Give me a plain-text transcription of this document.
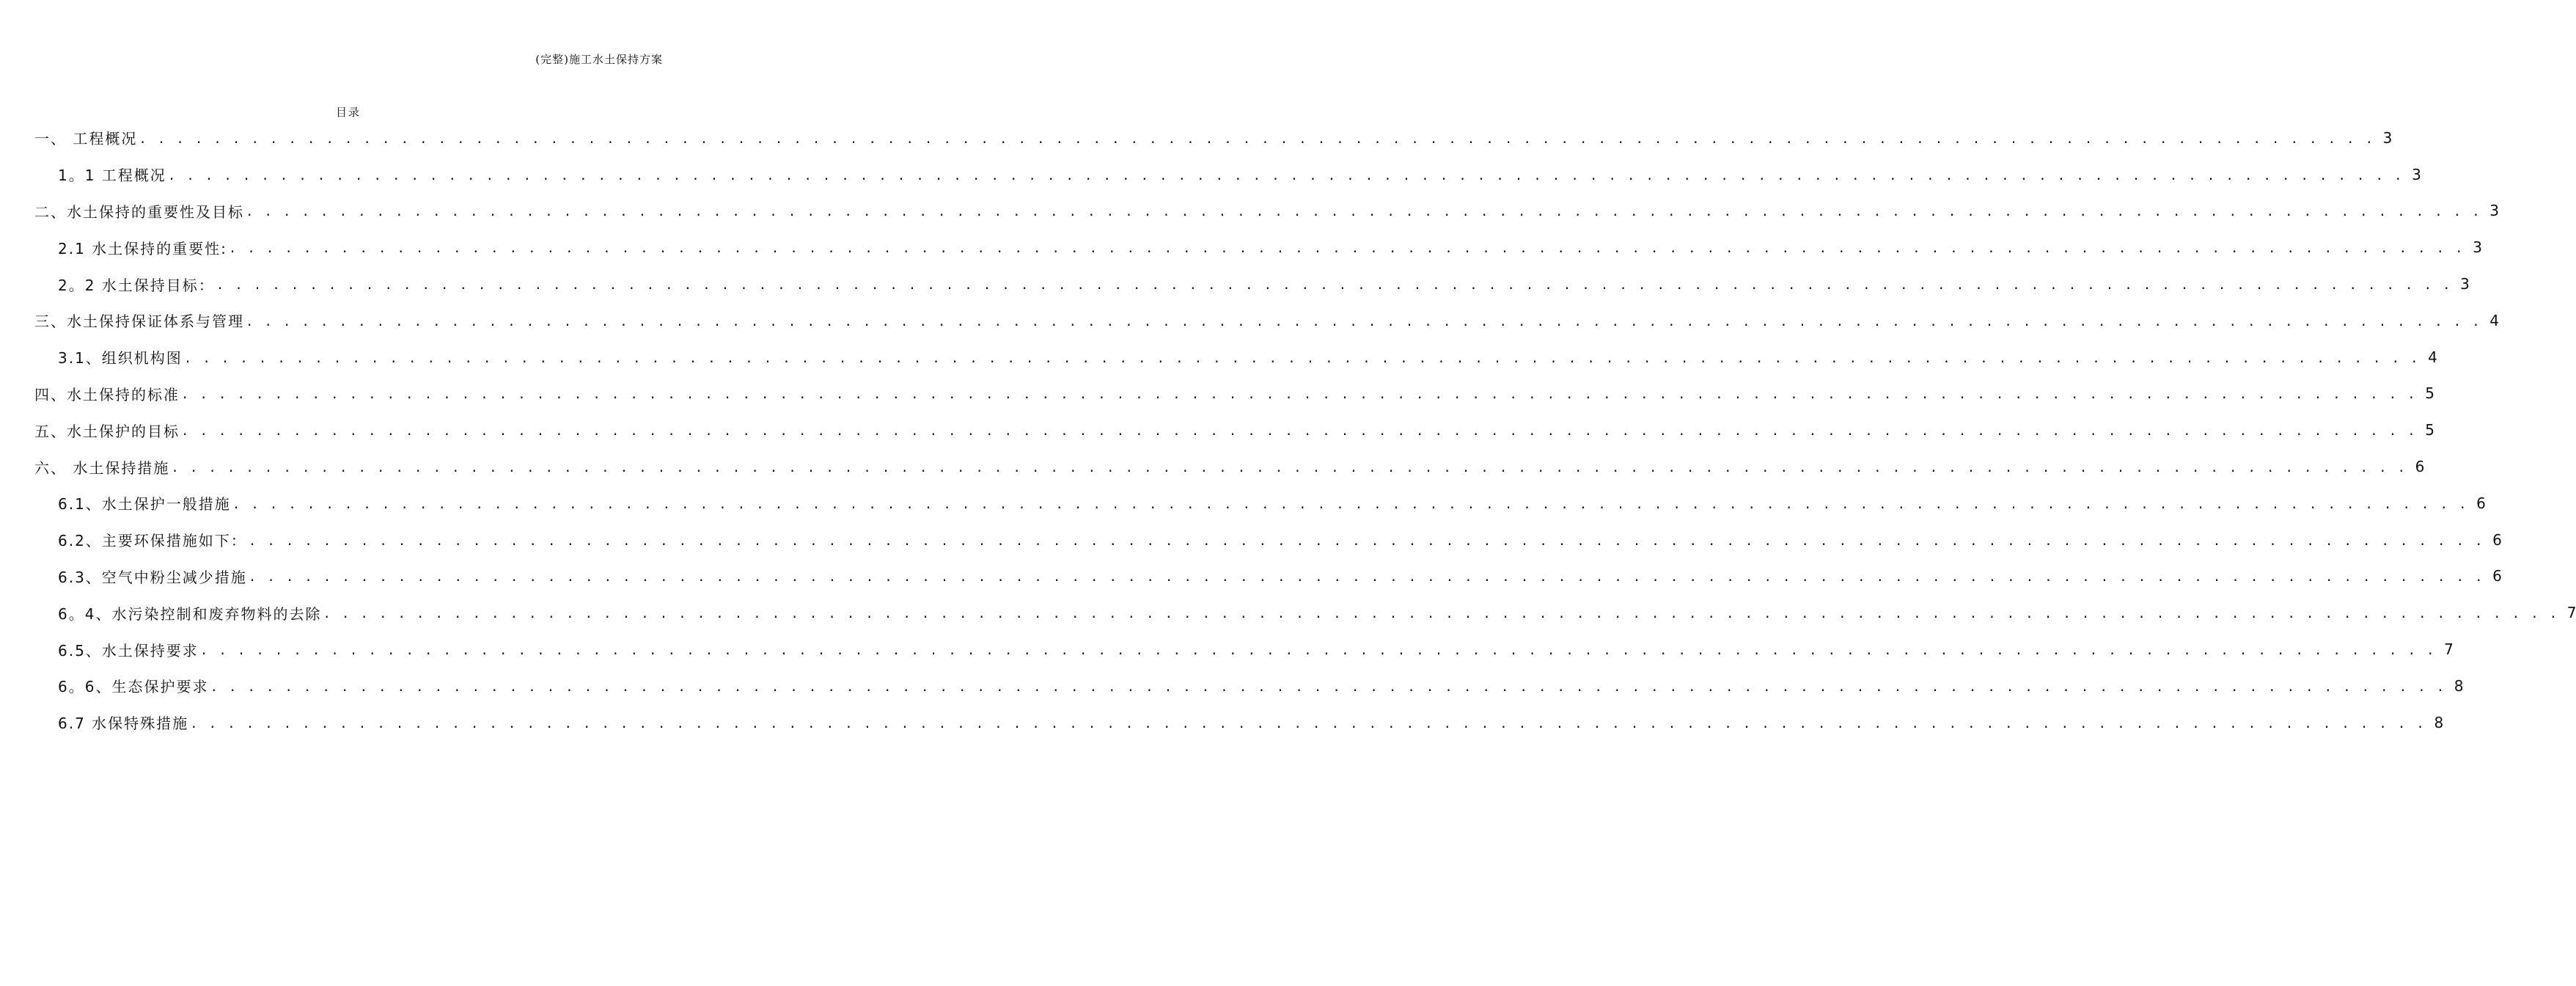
(完整)施工水土保持方案
目录
一、 工程概况 . . . . . . . . . . . . . . . . . . . . . . . . . . . . . . . . . . . . . . . . . . . . . . . . . . . . . . . . . . . . . . . . . . . . . . . . . . . . . . . . . . . . . . . . . . . . . . . . . . . . . . . . . . . . . . . . . . . . . . . . 3
1。1 工程概况 . . . . . . . . . . . . . . . . . . . . . . . . . . . . . . . . . . . . . . . . . . . . . . . . . . . . . . . . . . . . . . . . . . . . . . . . . . . . . . . . . . . . . . . . . . . . . . . . . . . . . . . . . . . . . . . . . . . . . . . . 3
二、水土保持的重要性及目标 . . . . . . . . . . . . . . . . . . . . . . . . . . . . . . . . . . . . . . . . . . . . . . . . . . . . . . . . . . . . . . . . . . . . . . . . . . . . . . . . . . . . . . . . . . . . . . . . . . . . . . . . . . . . . . . . . . . . . . . . 3
2.1 水土保持的重要性: . . . . . . . . . . . . . . . . . . . . . . . . . . . . . . . . . . . . . . . . . . . . . . . . . . . . . . . . . . . . . . . . . . . . . . . . . . . . . . . . . . . . . . . . . . . . . . . . . . . . . . . . . . . . . . . . . . . . . . . . 3
2。2 水土保持目标： . . . . . . . . . . . . . . . . . . . . . . . . . . . . . . . . . . . . . . . . . . . . . . . . . . . . . . . . . . . . . . . . . . . . . . . . . . . . . . . . . . . . . . . . . . . . . . . . . . . . . . . . . . . . . . . . . . . . . . . . 3
三、水土保持保证体系与管理 . . . . . . . . . . . . . . . . . . . . . . . . . . . . . . . . . . . . . . . . . . . . . . . . . . . . . . . . . . . . . . . . . . . . . . . . . . . . . . . . . . . . . . . . . . . . . . . . . . . . . . . . . . . . . . . . . . . . . . . . 4
3.1、组织机构图 . . . . . . . . . . . . . . . . . . . . . . . . . . . . . . . . . . . . . . . . . . . . . . . . . . . . . . . . . . . . . . . . . . . . . . . . . . . . . . . . . . . . . . . . . . . . . . . . . . . . . . . . . . . . . . . . . . . . . . . . 4
四、水土保持的标准 . . . . . . . . . . . . . . . . . . . . . . . . . . . . . . . . . . . . . . . . . . . . . . . . . . . . . . . . . . . . . . . . . . . . . . . . . . . . . . . . . . . . . . . . . . . . . . . . . . . . . . . . . . . . . . . . . . . . . . . . 5
五、水土保护的目标 . . . . . . . . . . . . . . . . . . . . . . . . . . . . . . . . . . . . . . . . . . . . . . . . . . . . . . . . . . . . . . . . . . . . . . . . . . . . . . . . . . . . . . . . . . . . . . . . . . . . . . . . . . . . . . . . . . . . . . . . 5
六、 水土保持措施 . . . . . . . . . . . . . . . . . . . . . . . . . . . . . . . . . . . . . . . . . . . . . . . . . . . . . . . . . . . . . . . . . . . . . . . . . . . . . . . . . . . . . . . . . . . . . . . . . . . . . . . . . . . . . . . . . . . . . . . . 6
6.1、水土保护一般措施 . . . . . . . . . . . . . . . . . . . . . . . . . . . . . . . . . . . . . . . . . . . . . . . . . . . . . . . . . . . . . . . . . . . . . . . . . . . . . . . . . . . . . . . . . . . . . . . . . . . . . . . . . . . . . . . . . . . . . . . . 6
6.2、主要环保措施如下： . . . . . . . . . . . . . . . . . . . . . . . . . . . . . . . . . . . . . . . . . . . . . . . . . . . . . . . . . . . . . . . . . . . . . . . . . . . . . . . . . . . . . . . . . . . . . . . . . . . . . . . . . . . . . . . . . . . . . . . . 6
6.3、空气中粉尘减少措施 . . . . . . . . . . . . . . . . . . . . . . . . . . . . . . . . . . . . . . . . . . . . . . . . . . . . . . . . . . . . . . . . . . . . . . . . . . . . . . . . . . . . . . . . . . . . . . . . . . . . . . . . . . . . . . . . . . . . . . . . 6
6。4、水污染控制和废弃物料的去除 . . . . . . . . . . . . . . . . . . . . . . . . . . . . . . . . . . . . . . . . . . . . . . . . . . . . . . . . . . . . . . . . . . . . . . . . . . . . . . . . . . . . . . . . . . . . . . . . . . . . . . . . . . . . . . . . . . . . . . . . 7
6.5、水土保持要求 . . . . . . . . . . . . . . . . . . . . . . . . . . . . . . . . . . . . . . . . . . . . . . . . . . . . . . . . . . . . . . . . . . . . . . . . . . . . . . . . . . . . . . . . . . . . . . . . . . . . . . . . . . . . . . . . . . . . . . . . 7
6。6、生态保护要求 . . . . . . . . . . . . . . . . . . . . . . . . . . . . . . . . . . . . . . . . . . . . . . . . . . . . . . . . . . . . . . . . . . . . . . . . . . . . . . . . . . . . . . . . . . . . . . . . . . . . . . . . . . . . . . . . . . . . . . . . 8
6.7 水保特殊措施 . . . . . . . . . . . . . . . . . . . . . . . . . . . . . . . . . . . . . . . . . . . . . . . . . . . . . . . . . . . . . . . . . . . . . . . . . . . . . . . . . . . . . . . . . . . . . . . . . . . . . . . . . . . . . . . . . . . . . . . . 8
